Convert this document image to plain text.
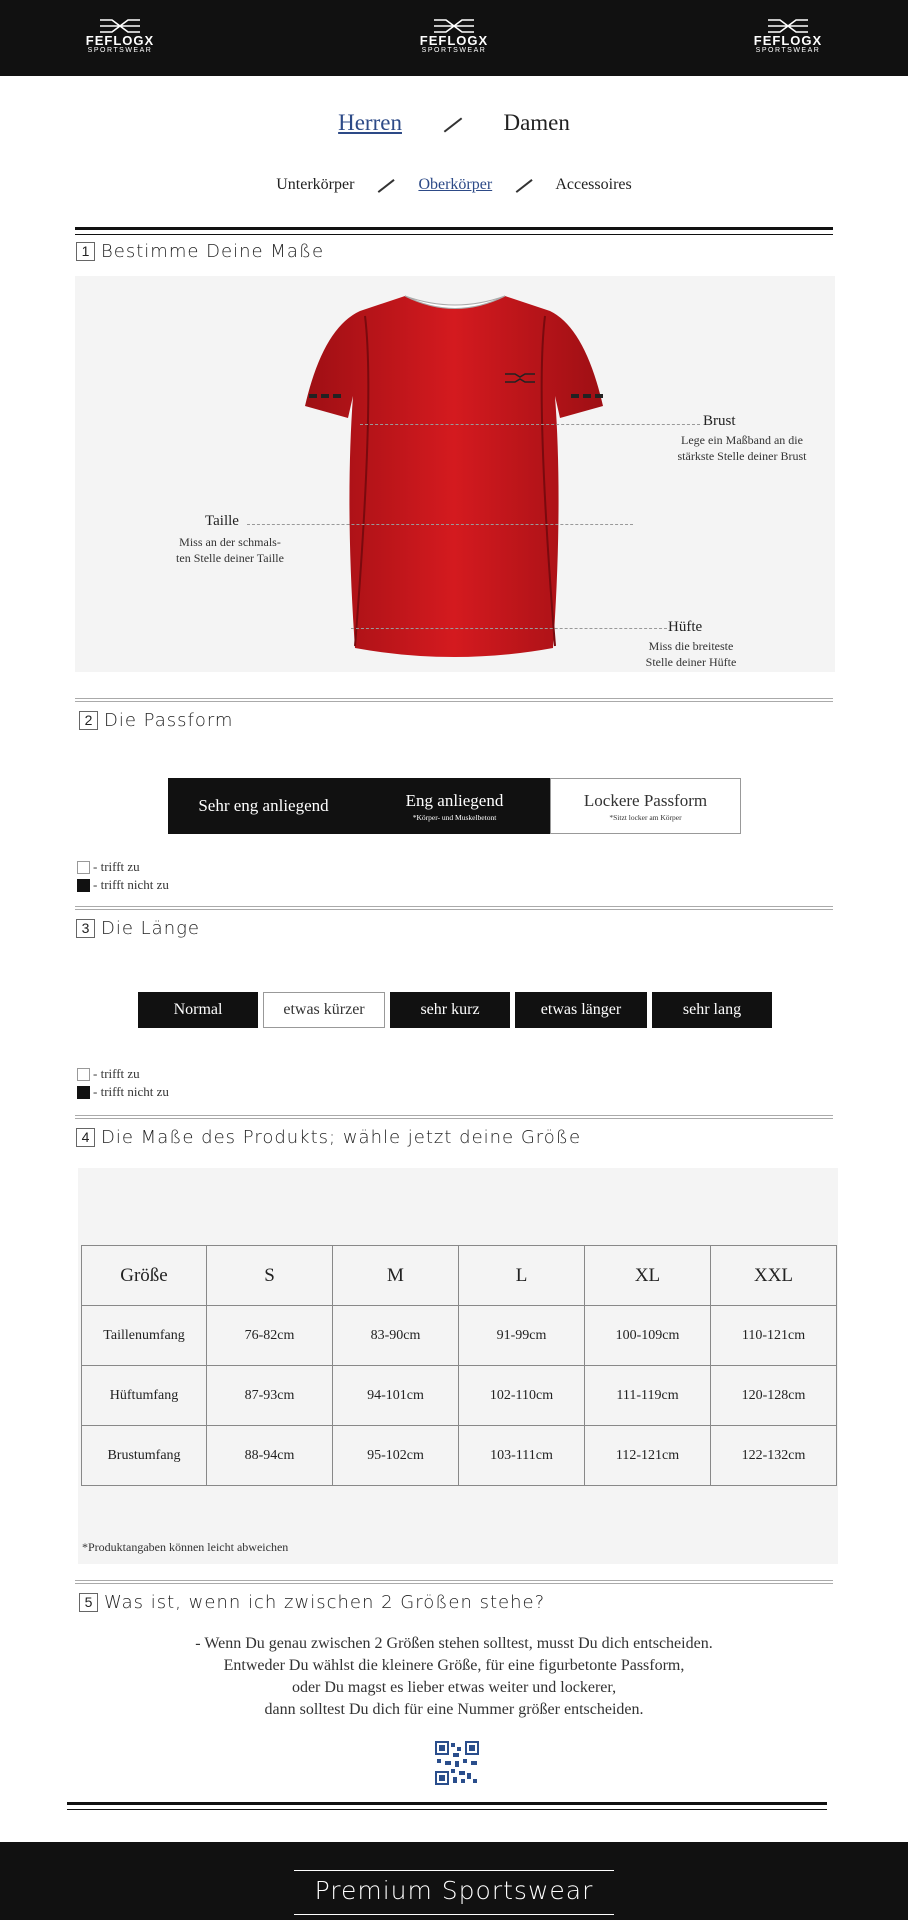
FEFLOGX
SPORTSWEAR
FEFLOGX
SPORTSWEAR
FEFLOGX
SPORTSWEAR
Herren	Damen
Unterkörper	Oberkörper	Accessoires
1 Bestimme Deine Maße
Brust
Lege ein Maßband an die
stärkste Stelle deiner Brust
Taille
Miss an der schmals-
ten Stelle deiner Taille
Hüfte
Miss die breiteste
Stelle deiner Hüfte
2 Die Passform
Sehr eng anliegend	Eng anliegend
*Körper- und Muskelbetont
Lockere Passform
*Sitzt locker am Körper
- trifft zu
- trifft nicht zu
3 Die Länge
Normal	etwas kürzer	sehr kurz	etwas länger	sehr lang
- trifft zu
- trifft nicht zu
4 Die Maße des Produkts; wähle jetzt deine Größe
Größe	S	M	L	XL	XXL
Taillenumfang	76-82cm	83-90cm	91-99cm	100-109cm	110-121cm
Hüftumfang	87-93cm	94-101cm	102-110cm	111-119cm	120-128cm
Brustumfang	88-94cm	95-102cm	103-111cm	112-121cm	122-132cm
*Produktangaben können leicht abweichen
5 Was ist, wenn ich zwischen 2 Größen stehe?
- Wenn Du genau zwischen 2 Größen stehen solltest, musst Du dich entscheiden.
Entweder Du wählst die kleinere Größe, für eine figurbetonte Passform,
oder Du magst es lieber etwas weiter und lockerer,
dann solltest Du dich für eine Nummer größer entscheiden.
Premium Sportswear
